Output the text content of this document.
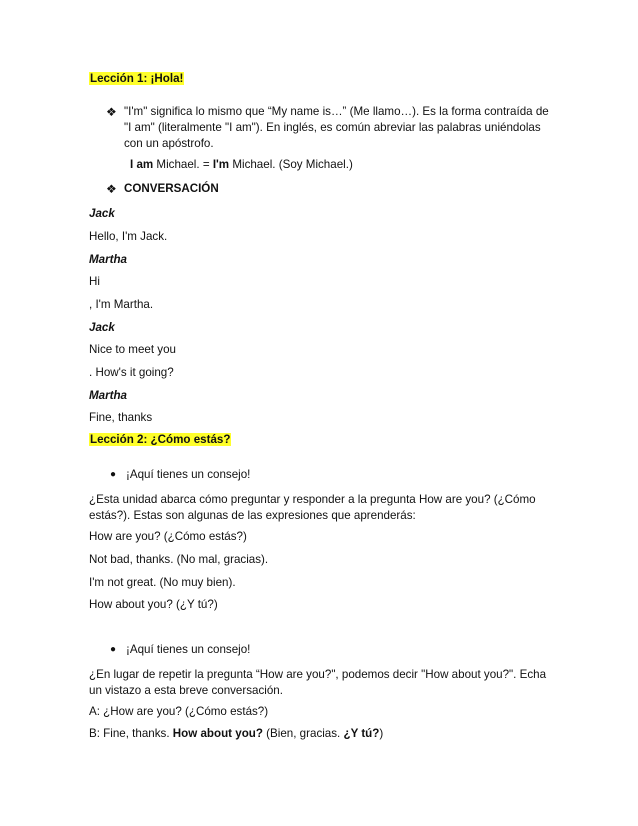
Lección 1: ¡Hola!
❖ "I'm" significa lo mismo que “My name is…” (Me llamo…). Es la forma contraída de
"I am" (literalmente "I am"). En inglés, es común abreviar las palabras uniéndolas
con un apóstrofo.
I am Michael. = I'm Michael. (Soy Michael.)
❖ CONVERSACIÓN
Jack
Hello, I'm Jack.
Martha
Hi
, I'm Martha.
Jack
Nice to meet you
. How's it going?
Martha
Fine, thanks
Lección 2: ¿Cómo estás?
● ¡Aquí tienes un consejo!
¿Esta unidad abarca cómo preguntar y responder a la pregunta How are you? (¿Cómo
estás?). Estas son algunas de las expresiones que aprenderás:
How are you? (¿Cómo estás?)
Not bad, thanks. (No mal, gracias).
I'm not great. (No muy bien).
How about you? (¿Y tú?)
● ¡Aquí tienes un consejo!
¿En lugar de repetir la pregunta “How are you?", podemos decir "How about you?". Echa
un vistazo a esta breve conversación.
A: ¿How are you? (¿Cómo estás?)
B: Fine, thanks. How about you? (Bien, gracias. ¿Y tú?)
